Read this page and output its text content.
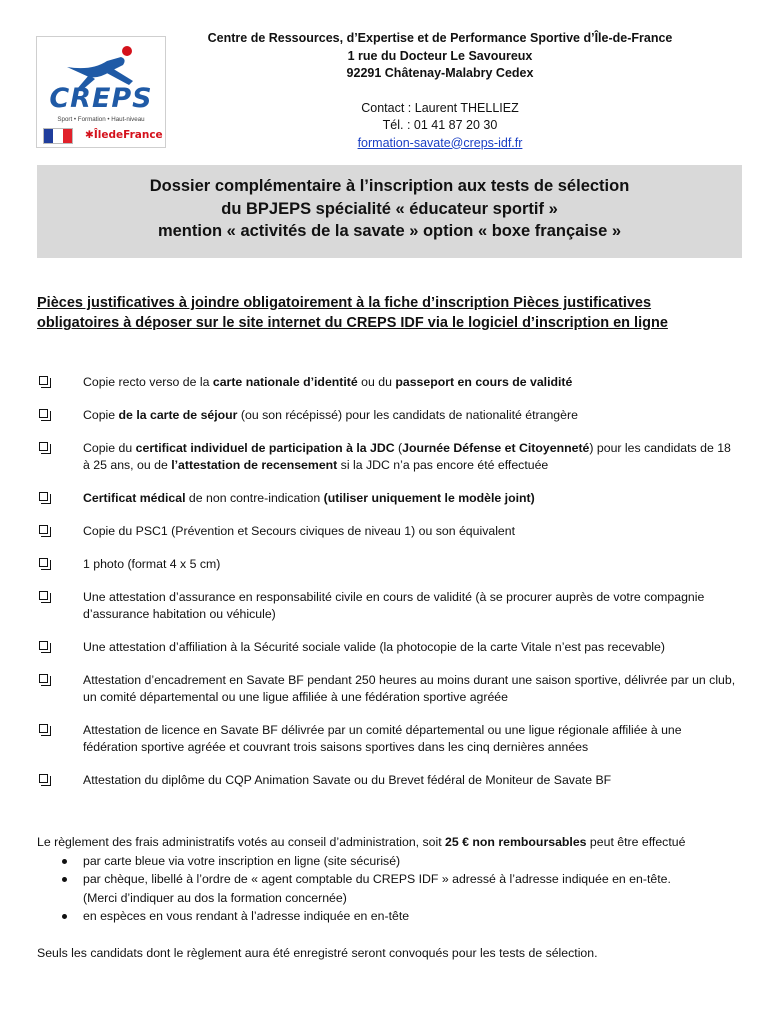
CREPS
Sport • Formation • Haut-niveau
✱ÎledeFrance
Centre de Ressources, d’Expertise et de Performance Sportive d’Île-de-France
1 rue du Docteur Le Savoureux
92291 Châtenay-Malabry Cedex
Contact : Laurent THELLIEZ
Tél. : 01 41 87 20 30
formation-savate@creps-idf.fr
Dossier complémentaire à l’inscription aux tests de sélection
du BPJEPS spécialité « éducateur sportif »
mention « activités de la savate » option « boxe française »
Pièces justificatives à joindre obligatoirement à la fiche d’inscription Pièces justificatives obligatoires à déposer sur le site internet du CREPS IDF via le logiciel d’inscription en ligne
Copie recto verso de la carte nationale d’identité ou du passeport en cours de validité
Copie de la carte de séjour (ou son récépissé) pour les candidats de nationalité étrangère
Copie du certificat individuel de participation à la JDC (Journée Défense et Citoyenneté) pour les candidats de 18 à 25 ans, ou de l’attestation de recensement si la JDC n’a pas encore été effectuée
Certificat médical de non contre-indication (utiliser uniquement le modèle joint)
Copie du PSC1 (Prévention et Secours civiques de niveau 1) ou son équivalent
1 photo (format 4 x 5 cm)
Une attestation d’assurance en responsabilité civile en cours de validité (à se procurer auprès de votre compagnie d’assurance habitation ou véhicule)
Une attestation d’affiliation à la Sécurité sociale valide (la photocopie de la carte Vitale n’est pas recevable)
Attestation d’encadrement en Savate BF pendant 250 heures au moins durant une saison sportive, délivrée par un club, un comité départemental ou une ligue affiliée à une fédération sportive agréée
Attestation de licence en Savate BF délivrée par un comité départemental ou une ligue régionale affiliée à une fédération sportive agréée et couvrant trois saisons sportives dans les cinq dernières années
Attestation du diplôme du CQP Animation Savate ou du Brevet fédéral de Moniteur de Savate BF
Le règlement des frais administratifs votés au conseil d’administration, soit 25 € non remboursables peut être effectué
par carte bleue via votre inscription en ligne (site sécurisé)
par chèque, libellé à l’ordre de « agent comptable du CREPS IDF » adressé à l’adresse indiquée en en-tête.
(Merci d’indiquer au dos la formation concernée)
en espèces en vous rendant à l’adresse indiquée en en-tête
Seuls les candidats dont le règlement aura été enregistré seront convoqués pour les tests de sélection.
